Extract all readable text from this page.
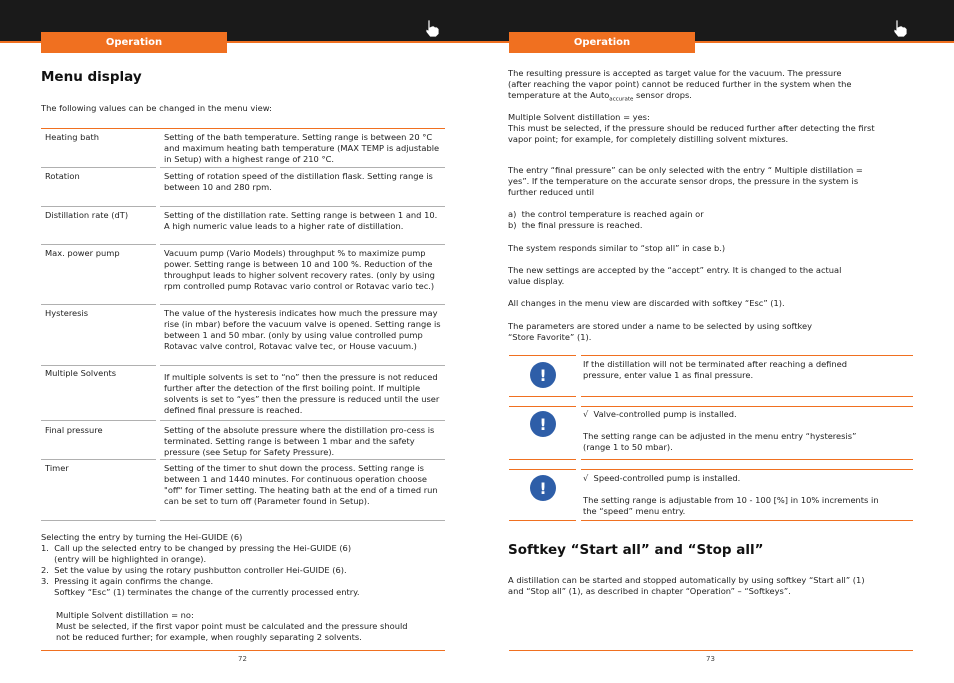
Operation	Operation
Menu display
The following values can be changed in the menu view:
Heating bath	Setting of the bath temperature. Setting range is between 20 °C and maximum heating bath temperature (MAX TEMP is adjustable in Setup) with a highest range of 210 °C.
Rotation	Setting of rotation speed of the distillation flask. Setting range is between 10 and 280 rpm.
Distillation rate (dT)	Setting of the distillation rate. Setting range is between 1 and 10. A high numeric value leads to a higher rate of distillation.
Max. power pump	Vacuum pump (Vario Models) throughput % to maximize pump power. Setting range is between 10 and 100 %. Reduction of the throughput leads to higher solvent recovery rates. (only by using rpm controlled pump Rotavac vario control or Rotavac vario tec.)
Hysteresis	The value of the hysteresis indicates how much the pressure may rise (in mbar) before the vacuum valve is opened. Setting range is between 1 and 50 mbar. (only by using value controlled pump Rotavac valve control, Rotavac valve tec, or House vacuum.)
Multiple Solvents	If multiple solvents is set to “no” then the pressure is not reduced further after the detection of the first boiling point. If multiple solvents is set to “yes” then the pressure is reduced until the user defined final pressure is reached.
Final pressure	Setting of the absolute pressure where the distillation pro-cess is terminated. Setting range is between 1 mbar and the safety pressure (see Setup for Safety Pressure).
Timer	Setting of the timer to shut down the process. Setting range is between 1 and 1440 minutes. For continuous operation choose "off" for Timer setting. The heating bath at the end of a timed run can be set to turn off (Parameter found in Setup).
Selecting the entry by turning the Hei-GUIDE (6)
1.  Call up the selected entry to be changed by pressing the Hei-GUIDE (6)
(entry will be highlighted in orange).
2.  Set the value by using the rotary pushbutton controller Hei-GUIDE (6).
3.  Pressing it again confirms the change.
Softkey “Esc” (1) terminates the change of the currently processed entry.
Multiple Solvent distillation = no:
Must be selected, if the first vapor point must be calculated and the pressure should
not be reduced further; for example, when roughly separating 2 solvents.
72
The resulting pressure is accepted as target value for the vacuum. The pressure
(after reaching the vapor point) cannot be reduced further in the system when the
temperature at the Auto$_{accurate}$ sensor drops.
Multiple Solvent distillation = yes:
This must be selected, if the pressure should be reduced further after detecting the first
vapor point; for example, for completely distilling solvent mixtures.
The entry “final pressure” can be only selected with the entry “ Multiple distillation =
yes”. If the temperature on the accurate sensor drops, the pressure in the system is
further reduced until
a)  the control temperature is reached again or
b)  the final pressure is reached.
The system responds similar to “stop all” in case b.)
The new settings are accepted by the “accept” entry. It is changed to the actual
value display.
All changes in the menu view are discarded with softkey “Esc” (1).
The parameters are stored under a name to be selected by using softkey
“Store Favorite” (1).
!
If the distillation will not be terminated after reaching a defined
pressure, enter value 1 as final pressure.
!
√  Valve-controlled pump is installed.
The setting range can be adjusted in the menu entry “hysteresis”
(range 1 to 50 mbar).
!
√  Speed-controlled pump is installed.
The setting range is adjustable from 10 - 100 [%] in 10% increments in
the “speed” menu entry.
Softkey “Start all” and “Stop all”
A distillation can be started and stopped automatically by using softkey “Start all” (1)
and “Stop all” (1), as described in chapter “Operation” – “Softkeys”.
73
